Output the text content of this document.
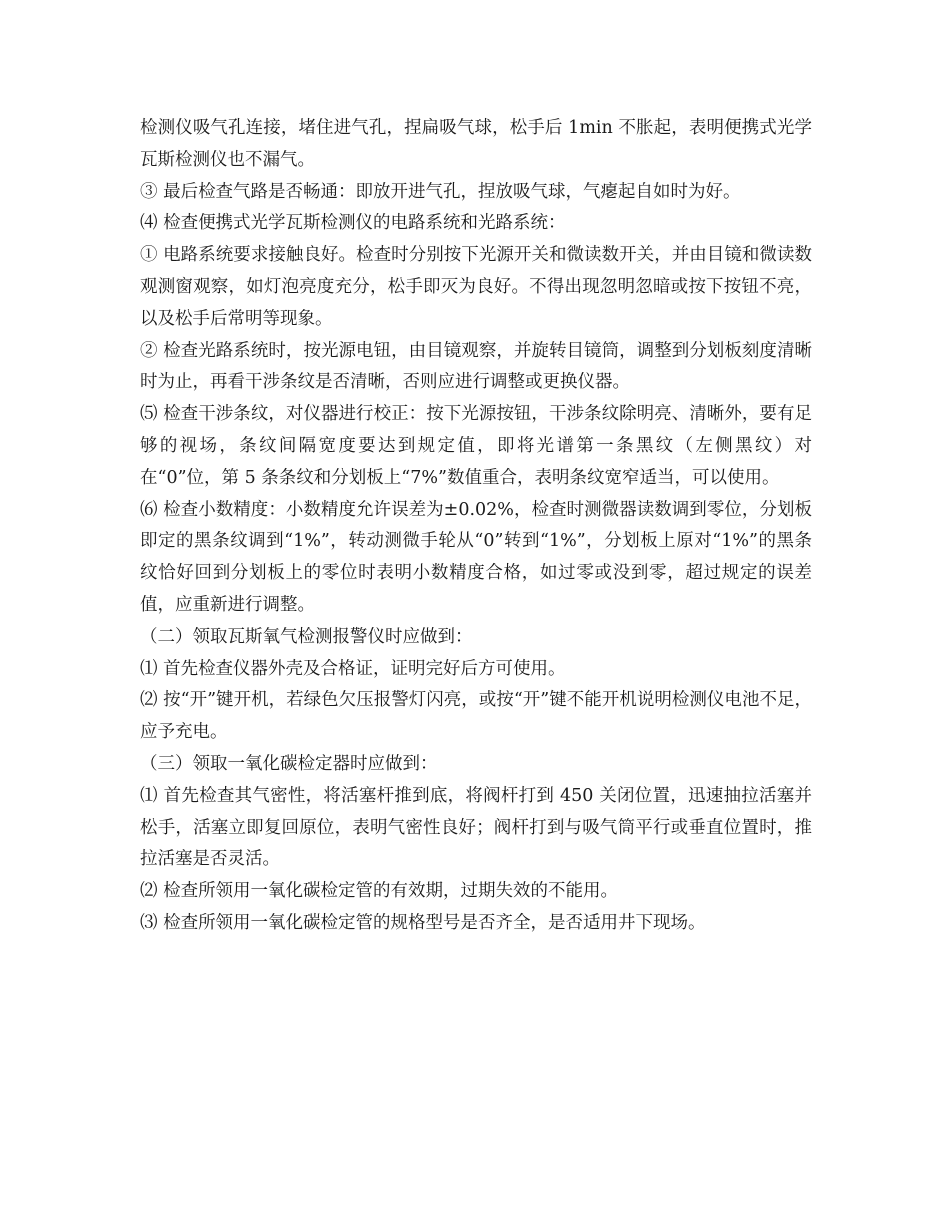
检测仪吸气孔连接，堵住进气孔，捏扁吸气球，松手后 1min 不胀起，表明便携式光学瓦斯检测仪也不漏气。

③ 最后检查气路是否畅通：即放开进气孔，捏放吸气球，气瘪起自如时为好。

⑷ 检查便携式光学瓦斯检测仪的电路系统和光路系统：

① 电路系统要求接触良好。检查时分别按下光源开关和微读数开关，并由目镜和微读数观测窗观察，如灯泡亮度充分，松手即灭为良好。不得出现忽明忽暗或按下按钮不亮，以及松手后常明等现象。

② 检查光路系统时，按光源电钮，由目镜观察，并旋转目镜筒，调整到分划板刻度清晰时为止，再看干涉条纹是否清晰，否则应进行调整或更换仪器。

⑸ 检查干涉条纹，对仪器进行校正：按下光源按钮，干涉条纹除明亮、清晰外，要有足够的视场，条纹间隔宽度要达到规定值，即将光谱第一条黑纹（左侧黑纹）对在“0”位，第 5 条条纹和分划板上“7%”数值重合，表明条纹宽窄适当，可以使用。

⑹ 检查小数精度：小数精度允许误差为±0.02%，检查时测微器读数调到零位，分划板即定的黑条纹调到“1%”，转动测微手轮从“0”转到“1%”，分划板上原对“1%”的黑条纹恰好回到分划板上的零位时表明小数精度合格，如过零或没到零，超过规定的误差值，应重新进行调整。

（二）领取瓦斯氧气检测报警仪时应做到：

⑴ 首先检查仪器外壳及合格证，证明完好后方可使用。

⑵ 按“开”键开机，若绿色欠压报警灯闪亮，或按“开”键不能开机说明检测仪电池不足，应予充电。

（三）领取一氧化碳检定器时应做到：

⑴ 首先检查其气密性，将活塞杆推到底，将阀杆打到 450 关闭位置，迅速抽拉活塞并松手，活塞立即复回原位，表明气密性良好；阀杆打到与吸气筒平行或垂直位置时，推拉活塞是否灵活。

⑵ 检查所领用一氧化碳检定管的有效期，过期失效的不能用。

⑶ 检查所领用一氧化碳检定管的规格型号是否齐全，是否适用井下现场。
